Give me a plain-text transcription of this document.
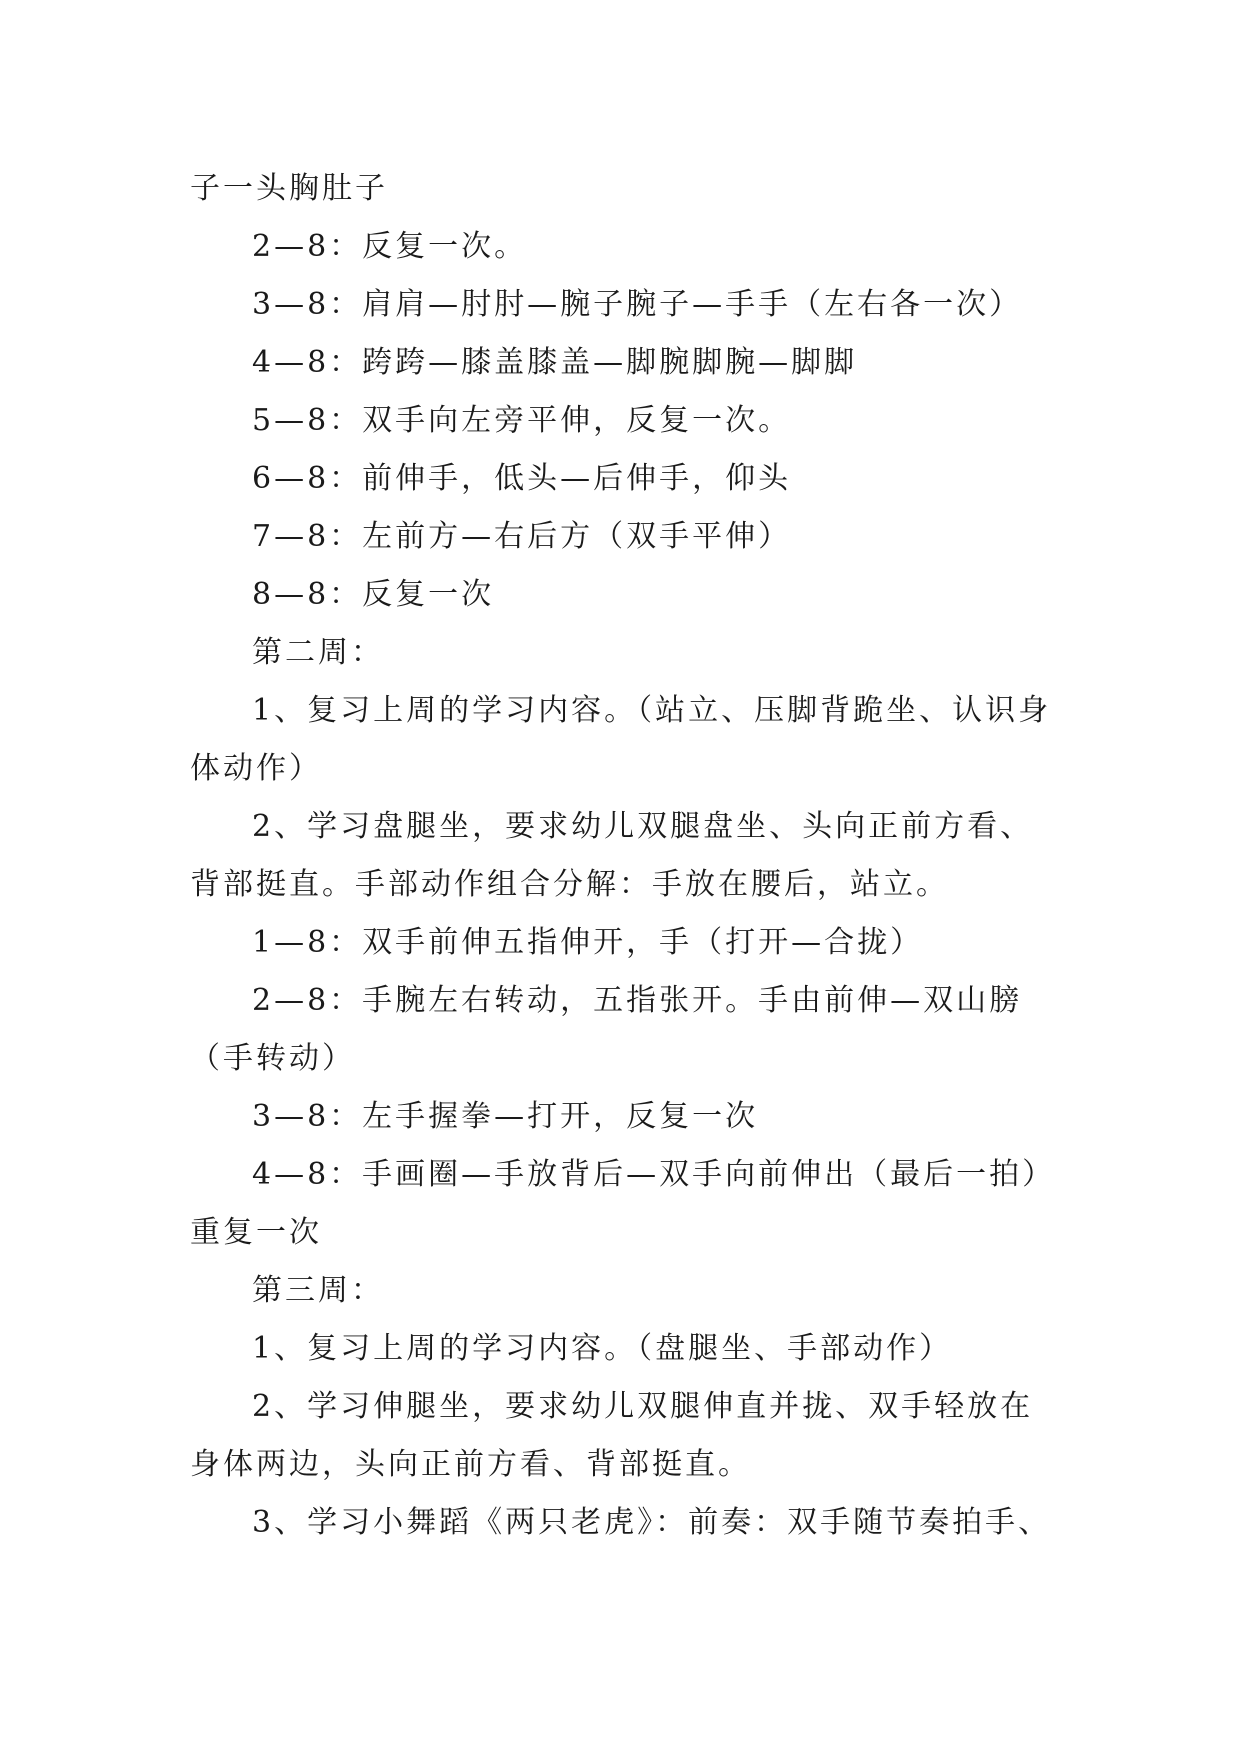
子一头胸肚子
2—8：反复一次。
3—8：肩肩—肘肘—腕子腕子—手手（左右各一次）
4—8：跨跨—膝盖膝盖—脚腕脚腕—脚脚
5—8：双手向左旁平伸，反复一次。
6—8：前伸手，低头—后伸手，仰头
7—8：左前方—右后方（双手平伸）
8—8：反复一次
第二周：
1、复习上周的学习内容。（站立、压脚背跪坐、认识身
体动作）
2、学习盘腿坐，要求幼儿双腿盘坐、头向正前方看、
背部挺直。手部动作组合分解：手放在腰后，站立。
1—8：双手前伸五指伸开，手（打开—合拢）
2—8：手腕左右转动，五指张开。手由前伸—双山膀
（手转动）
3—8：左手握拳—打开，反复一次
4—8：手画圈—手放背后—双手向前伸出（最后一拍）
重复一次
第三周：
1、复习上周的学习内容。（盘腿坐、手部动作）
2、学习伸腿坐，要求幼儿双腿伸直并拢、双手轻放在
身体两边，头向正前方看、背部挺直。
3、学习小舞蹈《两只老虎》：前奏：双手随节奏拍手、
